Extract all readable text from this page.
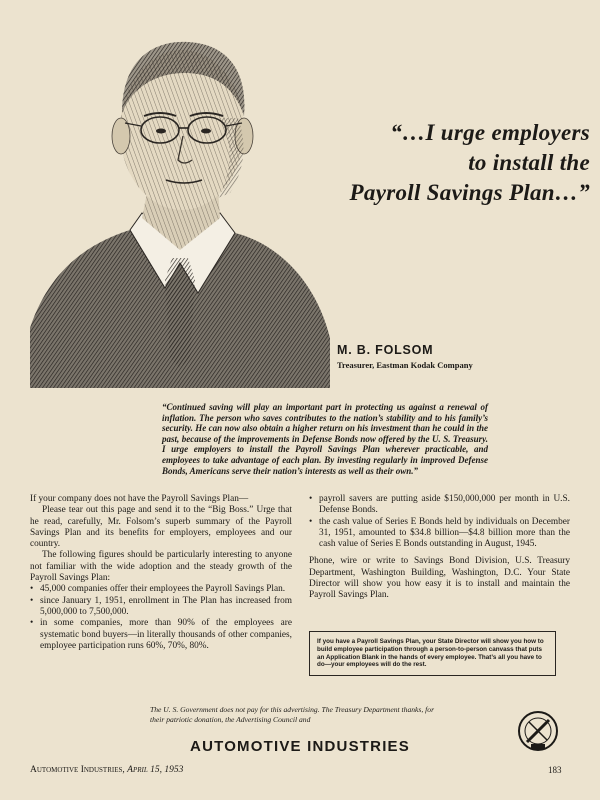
“…I urge employers
to install the
Payroll Savings Plan…”
M. B. FOLSOM
Treasurer, Eastman Kodak Company
“Continued saving will play an important part in protecting us against a renewal of inflation. The person who saves contributes to the nation’s stability and to his family’s security. He can now also obtain a higher return on his investment than he could in the past, because of the improvements in Defense Bonds now offered by the U. S. Treasury. I urge employers to install the Payroll Savings Plan wherever practicable, and employees to take advantage of each plan. By investing regularly in improved Defense Bonds, Americans serve their nation’s interests as well as their own.”

If your company does not have the Payroll Savings Plan—

Please tear out this page and send it to the “Big Boss.” Urge that he read, carefully, Mr. Folsom’s superb summary of the Payroll Savings Plan and its benefits for employers, employees and our country.

The following figures should be particularly interesting to anyone not familiar with the wide adoption and the steady growth of the Payroll Savings Plan:

• 45,000 companies offer their employees the Payroll Savings Plan.

• since January 1, 1951, enrollment in The Plan has increased from 5,000,000 to 7,500,000.

• in some companies, more than 90% of the employees are systematic bond buyers—in literally thousands of other companies, employee participation runs 60%, 70%, 80%.

• payroll savers are putting aside $150,000,000 per month in U.S. Defense Bonds.

• the cash value of Series E Bonds held by individuals on December 31, 1951, amounted to $34.8 billion—$4.8 billion more than the cash value of Series E Bonds outstanding in August, 1945.

Phone, wire or write to Savings Bond Division, U.S. Treasury Department, Washington Building, Washington, D.C. Your State Director will show you how easy it is to install and maintain the Payroll Savings Plan.

If you have a Payroll Savings Plan, your State Director will show you how to build employee participation through a person-to-person canvass that puts an Application Blank in the hands of every employee. That’s all you have to do—your employees will do the rest.
The U. S. Government does not pay for this advertising. The Treasury Department thanks, for their patriotic donation, the Advertising Council and
AUTOMOTIVE INDUSTRIES
Automotive Industries, April 15, 1953	183
